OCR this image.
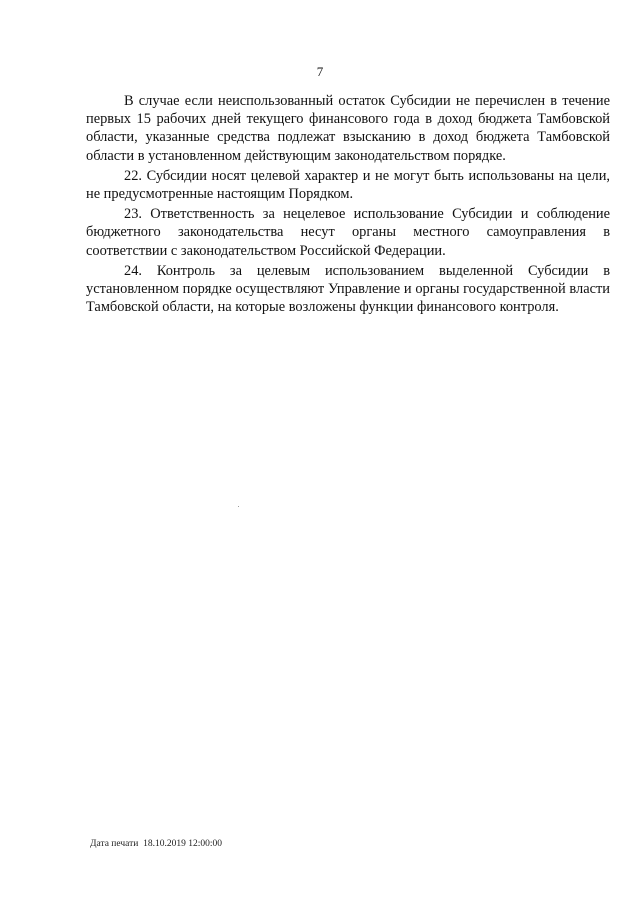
7

В случае если неиспользованный остаток Субсидии не перечислен в течение первых 15 рабочих дней текущего финансового года в доход бюджета Тамбовской области, указанные средства подлежат взысканию в доход бюджета Тамбовской области в установленном действующим законодательством порядке.

22. Субсидии носят целевой характер и не могут быть использованы на цели, не предусмотренные настоящим Порядком.

23. Ответственность за нецелевое использование Субсидии и соблюдение бюджетного законодательства несут органы местного самоуправления в соответствии с законодательством Российской Федерации.

24. Контроль за целевым использованием выделенной Субсидии в установленном порядке осуществляют Управление и органы государственной власти Тамбовской области, на которые возложены функции финансового контроля.

Дата печати 18.10.2019 12:00:00
